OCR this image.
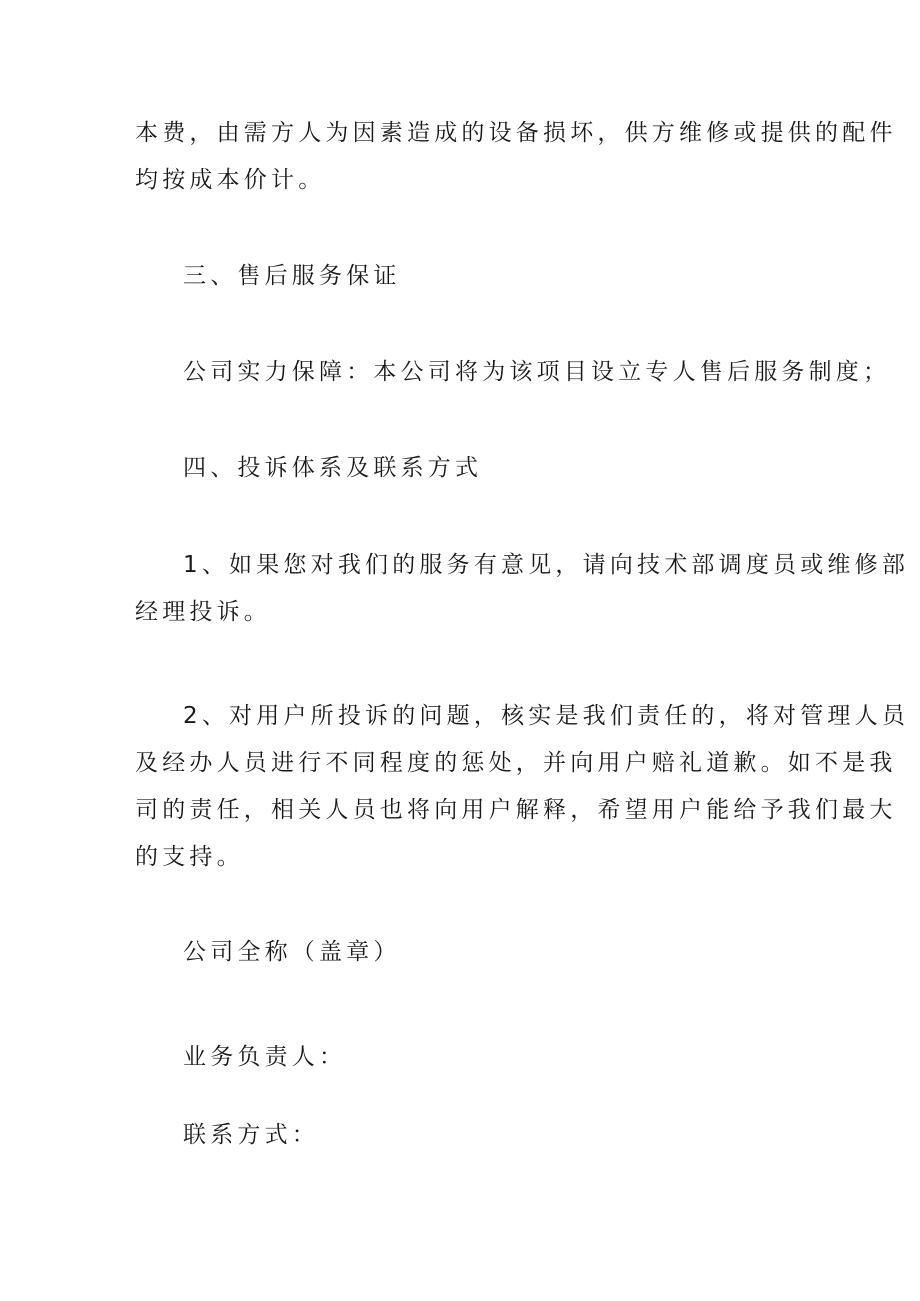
本费，由需方人为因素造成的设备损坏，供方维修或提供的配件
均按成本价计。
三、售后服务保证
公司实力保障：本公司将为该项目设立专人售后服务制度；
四、投诉体系及联系方式
1、如果您对我们的服务有意见，请向技术部调度员或维修部
经理投诉。
2、对用户所投诉的问题，核实是我们责任的，将对管理人员
及经办人员进行不同程度的惩处，并向用户赔礼道歉。如不是我
司的责任，相关人员也将向用户解释，希望用户能给予我们最大
的支持。
公司全称（盖章）
业务负责人：
联系方式：
